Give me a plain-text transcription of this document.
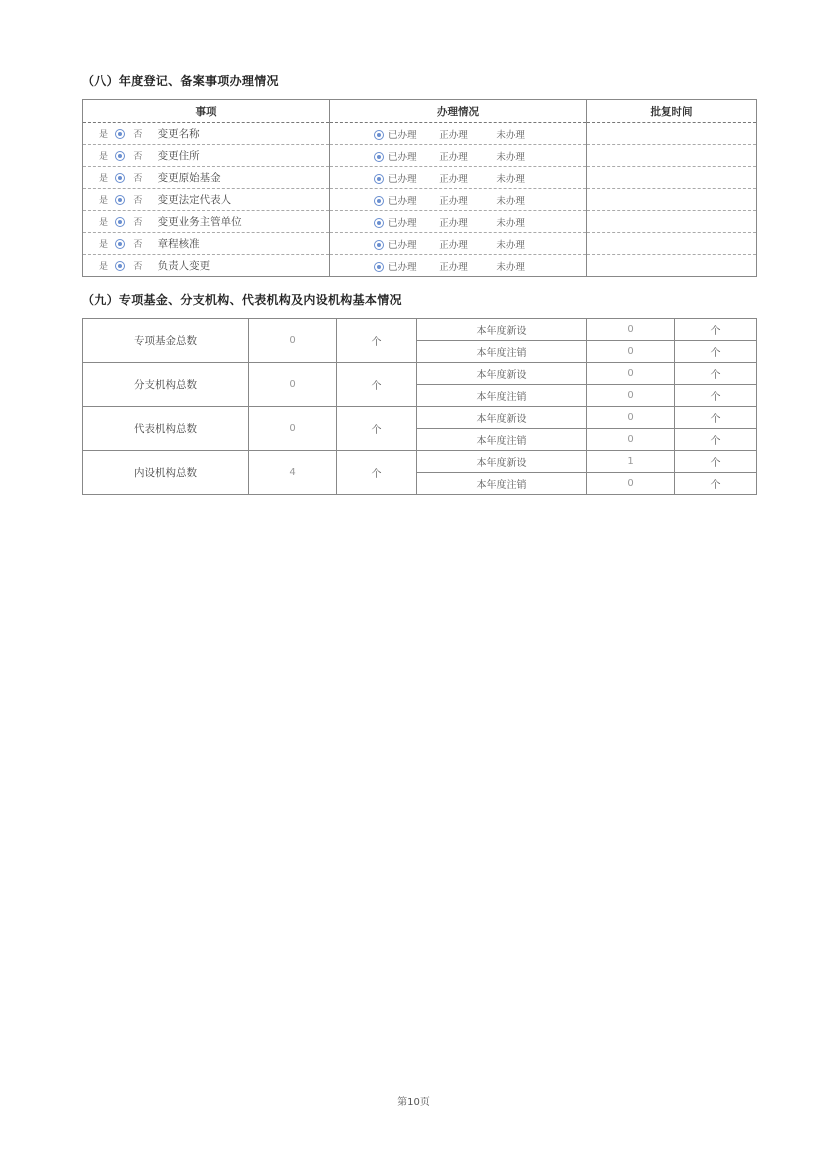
（八）年度登记、备案事项办理情况
事项	办理情况	批复时间
是 否 变更名称	已办理 正办理 未办理	
是 否 变更住所	已办理 正办理 未办理	
是 否 变更原始基金	已办理 正办理 未办理	
是 否 变更法定代表人	已办理 正办理 未办理	
是 否 变更业务主管单位	已办理 正办理 未办理	
是 否 章程核准	已办理 正办理 未办理	
是 否 负责人变更	已办理 正办理 未办理	
（九）专项基金、分支机构、代表机构及内设机构基本情况
专项基金总数	0	个	本年度新设	0	个
			本年度注销	0	个
分支机构总数	0	个	本年度新设	0	个
			本年度注销	0	个
代表机构总数	0	个	本年度新设	0	个
			本年度注销	0	个
内设机构总数	4	个	本年度新设	1	个
			本年度注销	0	个
第10页
